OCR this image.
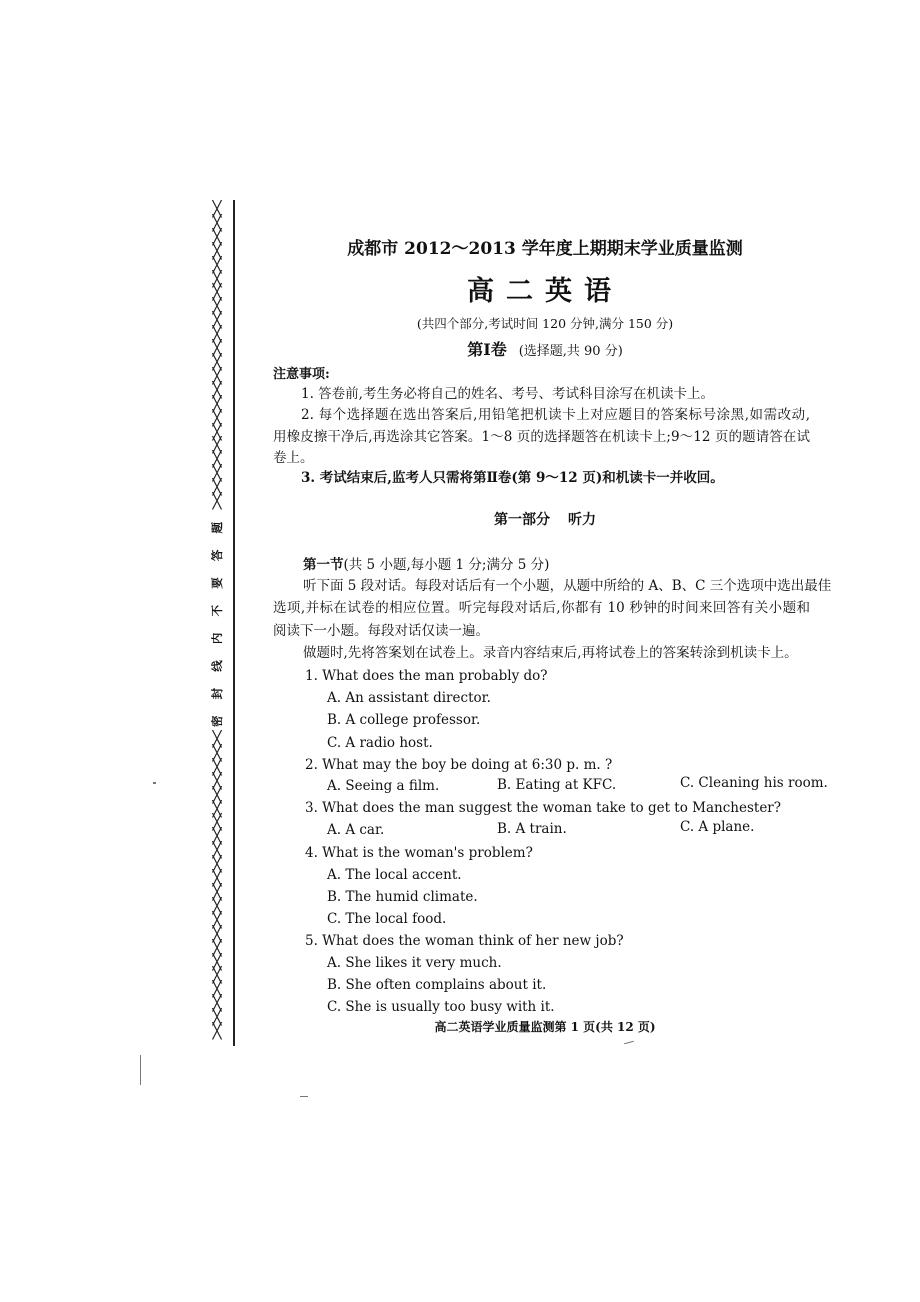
╳
╳
╳
╳
╳
╳
╳
╳
╳
╳
╳
╳
╳
╳
╳
╳
╳
╳
╳
╳
╳
╳
密封线内不要答题
╳
╳
╳
╳
╳
╳
╳
╳
╳
╳
╳
╳
╳
╳
╳
╳
╳
╳
╳
╳
╳
╳
成都市 2012～2013 学年度上期期末学业质量监测
高二英语
(共四个部分,考试时间 120 分钟,满分 150 分)
第Ⅰ卷 (选择题,共 90 分)
注意事项:
1. 答卷前,考生务必将自己的姓名、考号、考试科目涂写在机读卡上。
2. 每个选择题在选出答案后,用铅笔把机读卡上对应题目的答案标号涂黑,如需改动,
用橡皮擦干净后,再选涂其它答案。1～8 页的选择题答在机读卡上;9～12 页的题请答在试
卷上。
3. 考试结束后,监考人只需将第Ⅱ卷(第 9～12 页)和机读卡一并收回。
第一部分 听力
第一节(共 5 小题,每小题 1 分;满分 5 分)
听下面 5 段对话。每段对话后有一个小题，从题中所给的 A、B、C 三个选项中选出最佳
选项,并标在试卷的相应位置。听完每段对话后,你都有 10 秒钟的时间来回答有关小题和
阅读下一小题。每段对话仅读一遍。
做题时,先将答案划在试卷上。录音内容结束后,再将试卷上的答案转涂到机读卡上。
1. What does the man probably do?
A. An assistant director.
B. A college professor.
C. A radio host.
2. What may the boy be doing at 6:30 p. m. ?
A. Seeing a film.	B. Eating at KFC.	C. Cleaning his room.
3. What does the man suggest the woman take to get to Manchester?
A. A car.	B. A train.	C. A plane.
4. What is the woman's problem?
A. The local accent.
B. The humid climate.
C. The local food.
5. What does the woman think of her new job?
A. She likes it very much.
B. She often complains about it.
C. She is usually too busy with it.
高二英语学业质量监测第 1 页(共 12 页)
